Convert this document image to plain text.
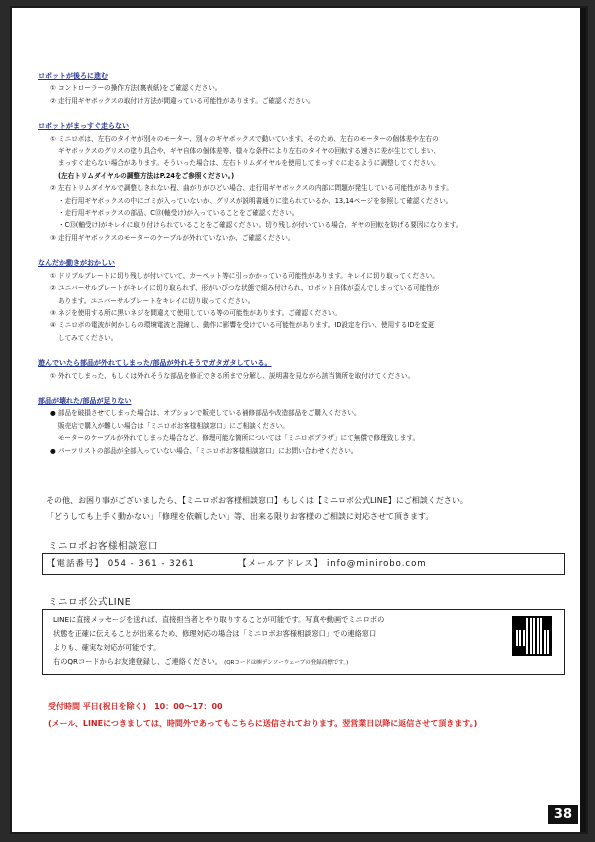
ロボットが後ろに進む
① コントローラーの操作方法(裏表紙)をご確認ください。
② 走行用ギヤボックスの取付け方法が間違っている可能性があります。ご確認ください。
ロボットがまっすぐ走らない
① ミニロボは、左右のタイヤが別々のモーター、別々のギヤボックスで動いています。そのため、左右のモーターの個体差や左右の
ギヤボックスのグリスの塗り具合や、ギヤ自体の個体差等、様々な条件により左右のタイヤの回転する速さに差が生じてしまい、
まっすぐ走らない場合があります。そういった場合は、左右トリムダイヤルを使用してまっすぐに走るように調整してください。
(左右トリムダイヤルの調整方法はP.24をご参照ください。)
② 左右トリムダイヤルで調整しきれない程、曲がりがひどい場合、走行用ギヤボックスの内部に問題が発生している可能性があります。
・走行用ギヤボックスの中にゴミが入っていないか、グリスが説明書通りに塗られているか、13,14ページを参照して確認ください。
・走行用ギヤボックスの部品、C⑬(軸受け)が入っていることをご確認ください。
・C⑬(軸受け)がキレイに取り付けられていることをご確認ください。切り残しが付いている場合、ギヤの回転を妨げる要因になります。
③ 走行用ギヤボックスのモーターのケーブルが外れていないか、ご確認ください。
なんだか動きがおかしい
① ドリブルプレートに切り残しが付いていて、カーペット等に引っかかっている可能性があります。キレイに切り取ってください。
② ユニバーサルプレートがキレイに切り取られず、形がいびつな状態で組み付けられ、ロボット自体が歪んでしまっている可能性が
あります。ユニバーサルプレートをキレイに切り取ってください。
③ ネジを使用する所に黒いネジを間違えて使用している等の可能性があります。ご確認ください。
④ ミニロボの電波が何かしらの環境電波と混線し、動作に影響を受けている可能性があります。ID設定を行い、使用するIDを変更
してみてください。
遊んでいたら部品が外れてしまった/部品が外れそうでガタガタしている。
① 外れてしまった、もしくは外れそうな部品を修正できる所まで分解し、説明書を見ながら該当箇所を取付けてください。
部品が壊れた/部品が足りない
● 部品を破損させてしまった場合は、オプションで販売している補修部品や改造部品をご購入ください。
販売店で購入が難しい場合は「ミニロボお客様相談窓口」にご相談ください。
モーターのケーブルが外れてしまった場合など、修理可能な箇所については「ミニロボプラザ」にて無償で修理致します。
● パーツリストの部品が全部入っていない場合、「ミニロボお客様相談窓口」にお問い合わせください。
その他、お困り事がございましたら、【ミニロボお客様相談窓口】もしくは【ミニロボ公式LINE】にご相談ください。
「どうしても上手く動かない」「修理を依頼したい」等、出来る限りお客様のご相談に対応させて頂きます。
ミニロボお客様相談窓口
【電話番号】 054 - 361 - 3261	【メールアドレス】 info@minirobo.com
ミニロボ公式LINE
LINEに直接メッセージを送れば、直接担当者とやり取りすることが可能です。写真や動画でミニロボの
状態を正確に伝えることが出来るため、修理対応の場合は「ミニロボお客様相談窓口」での連絡窓口
よりも、確実な対応が可能です。
右のQRコードからお友達登録し、ご連絡ください。 (QRコードは㈱デンソーウェーブの登録商標です。)
受付時間 平日(祝日を除く)　10：00～17：00
(メール、LINEにつきましては、時間外であってもこちらに送信されております。翌営業日以降に返信させて頂きます。)
38
